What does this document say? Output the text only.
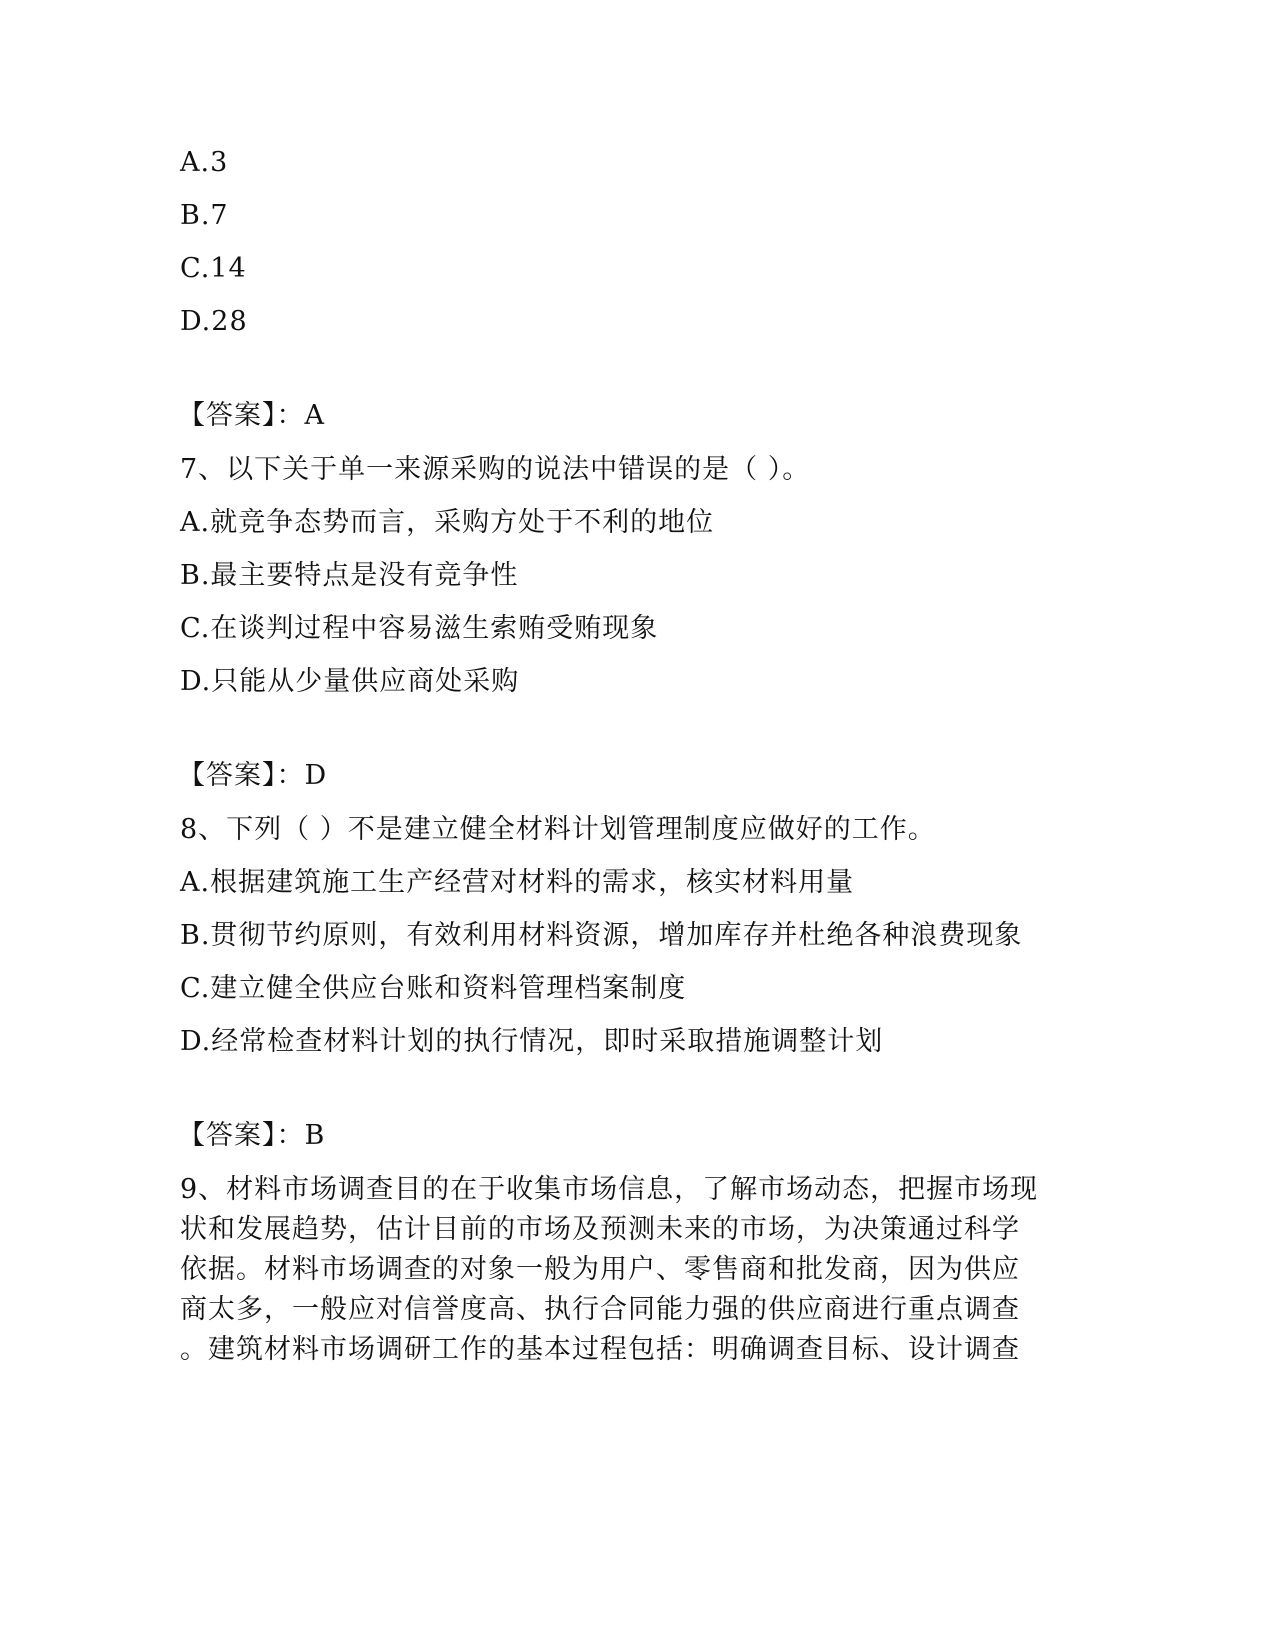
A.3
B.7
C.14
D.28
【答案】：A
7、以下关于单一来源采购的说法中错误的是（ ）。
A.就竞争态势而言，采购方处于不利的地位
B.最主要特点是没有竞争性
C.在谈判过程中容易滋生索贿受贿现象
D.只能从少量供应商处采购
【答案】：D
8、下列（ ）不是建立健全材料计划管理制度应做好的工作。
A.根据建筑施工生产经营对材料的需求，核实材料用量
B.贯彻节约原则，有效利用材料资源，增加库存并杜绝各种浪费现象
C.建立健全供应台账和资料管理档案制度
D.经常检查材料计划的执行情况，即时采取措施调整计划
【答案】：B
9、材料市场调查目的在于收集市场信息，了解市场动态，把握市场现
状和发展趋势，估计目前的市场及预测未来的市场，为决策通过科学
依据。材料市场调查的对象一般为用户、零售商和批发商，因为供应
商太多，一般应对信誉度高、执行合同能力强的供应商进行重点调查
。建筑材料市场调研工作的基本过程包括：明确调查目标、设计调查
